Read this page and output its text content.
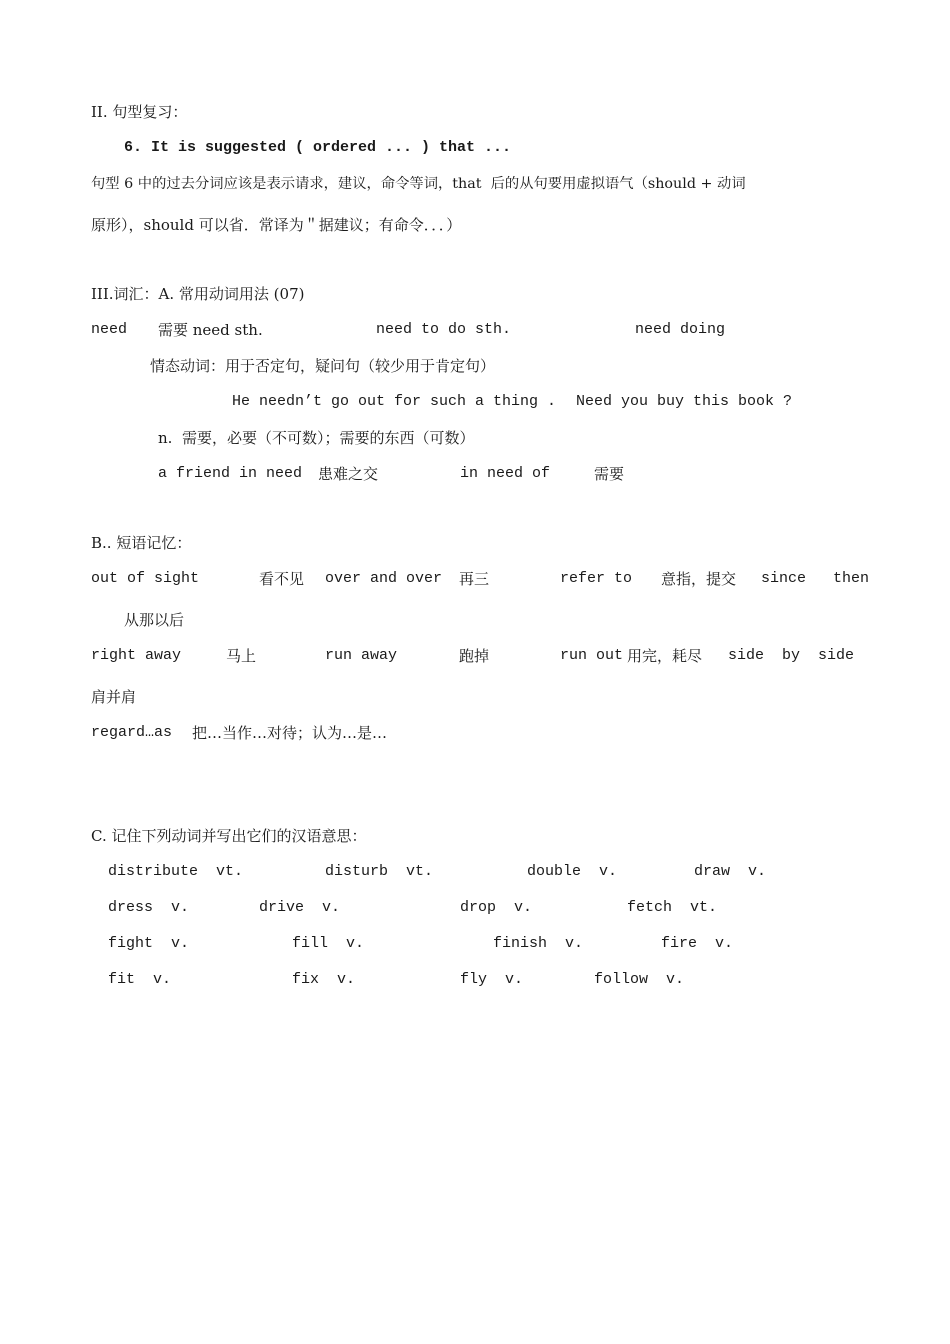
II. 句型复习：
6. It is suggested ( ordered ... ) that ...
句型 6 中的过去分词应该是表示请求，建议，命令等词，that  后的从句要用虚拟语气（should + 动词
原形），should 可以省．常译为＂据建议；有命令．．．）
III.词汇：A. 常用动词用法 (07)
need 需要 need sth.	need to do sth.	need doing
情态动词：用于否定句，疑问句（较少用于肯定句）
He needn’t go out for such a thing . Need you buy this book ?
n.  需要，必要（不可数）；需要的东西（可数）
a friend in need 患难之交	in need of	需要
B.. 短语记忆：
out of sight	看不见 over and over 再三	refer to 意指，提交 since   then
从那以后
right away	马上	run away	跑掉	run out 用完，耗尽 side  by  side
肩并肩
regard…as 把…当作…对待；认为…是…
C. 记住下列动词并写出它们的汉语意思：
distribute  vt.	disturb  vt.	double  v.	draw  v.
dress  v.	drive  v.	drop  v.	fetch  vt.
fight  v.	fill  v.	finish  v.	fire  v.
fit  v.	fix  v.	fly  v.	follow  v.
